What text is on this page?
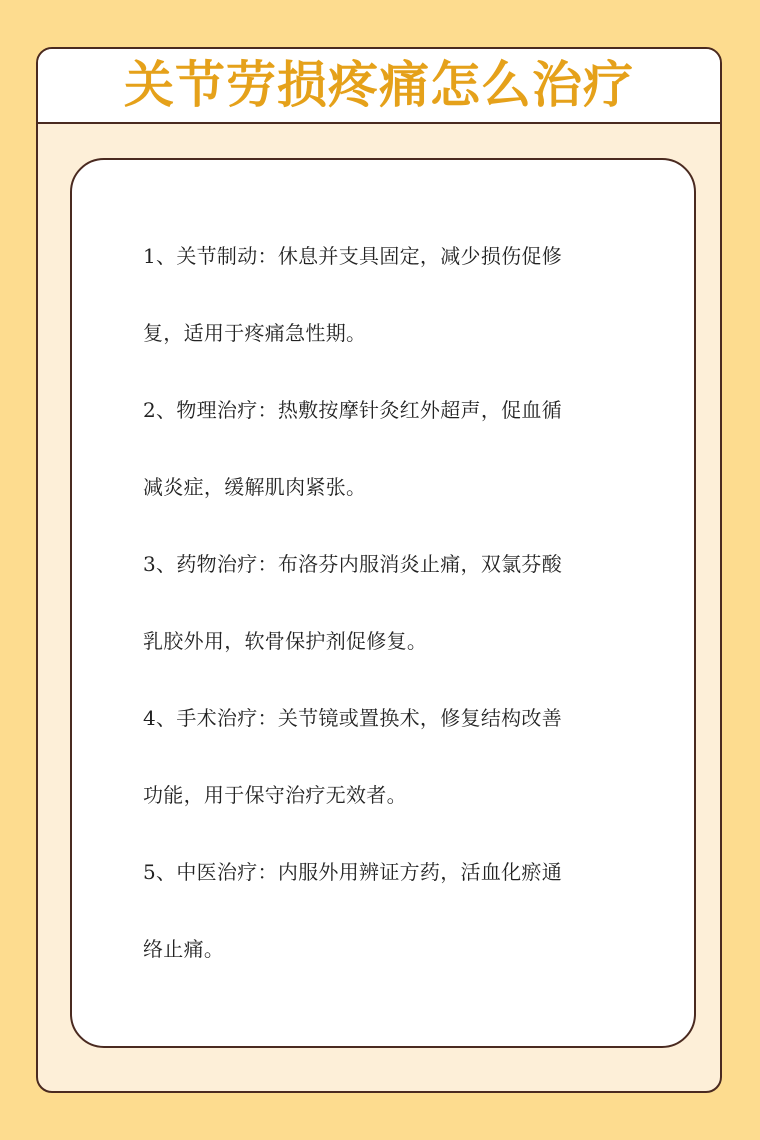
关节劳损疼痛怎么治疗

1、关节制动：休息并支具固定，减少损伤促修

复，适用于疼痛急性期。

2、物理治疗：热敷按摩针灸红外超声，促血循

减炎症，缓解肌肉紧张。

3、药物治疗：布洛芬内服消炎止痛，双氯芬酸

乳胶外用，软骨保护剂促修复。

4、手术治疗：关节镜或置换术，修复结构改善

功能，用于保守治疗无效者。

5、中医治疗：内服外用辨证方药，活血化瘀通

络止痛。
